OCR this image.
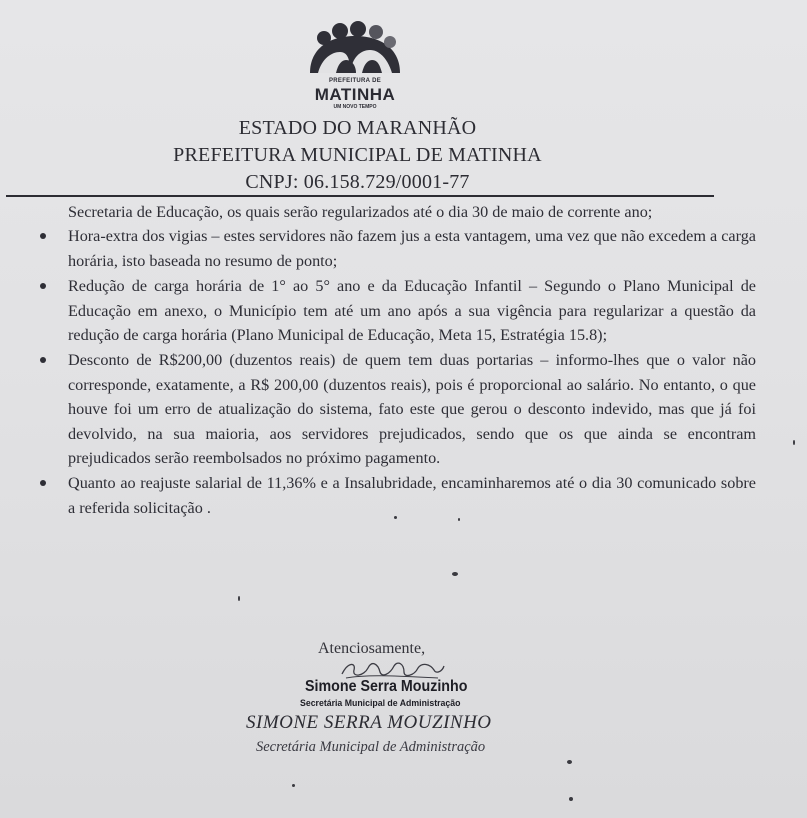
PREFEITURA DE
MATINHA
UM NOVO TEMPO
ESTADO DO MARANHÃO
PREFEITURA MUNICIPAL DE MATINHA
CNPJ: 06.158.729/0001-77

Secretaria de Educação, os quais serão regularizados até o dia 30 de maio de corrente ano;

Hora-extra dos vigias – estes servidores não fazem jus a esta vantagem, uma vez que não excedem a carga horária, isto baseada no resumo de ponto;
Redução de carga horária de 1° ao 5° ano e da Educação Infantil – Segundo o Plano Municipal de Educação em anexo, o Município tem até um ano após a sua vigência para regularizar a questão da redução de carga horária (Plano Municipal de Educação, Meta 15, Estratégia 15.8);
Desconto de R$200,00 (duzentos reais) de quem tem duas portarias – informo-lhes que o valor não corresponde, exatamente, a R$ 200,00 (duzentos reais), pois é proporcional ao salário. No entanto, o que houve foi um erro de atualização do sistema, fato este que gerou o desconto indevido, mas que já foi devolvido, na sua maioria, aos servidores prejudicados, sendo que os que ainda se encontram prejudicados serão reembolsados no próximo pagamento.
Quanto ao reajuste salarial de 11,36% e a Insalubridade, encaminharemos até o dia 30 comunicado sobre a referida solicitação .
Atenciosamente,
Simone Serra Mouzinho
Secretária Municipal de Administração
SIMONE SERRA MOUZINHO
Secretária Municipal de Administração
